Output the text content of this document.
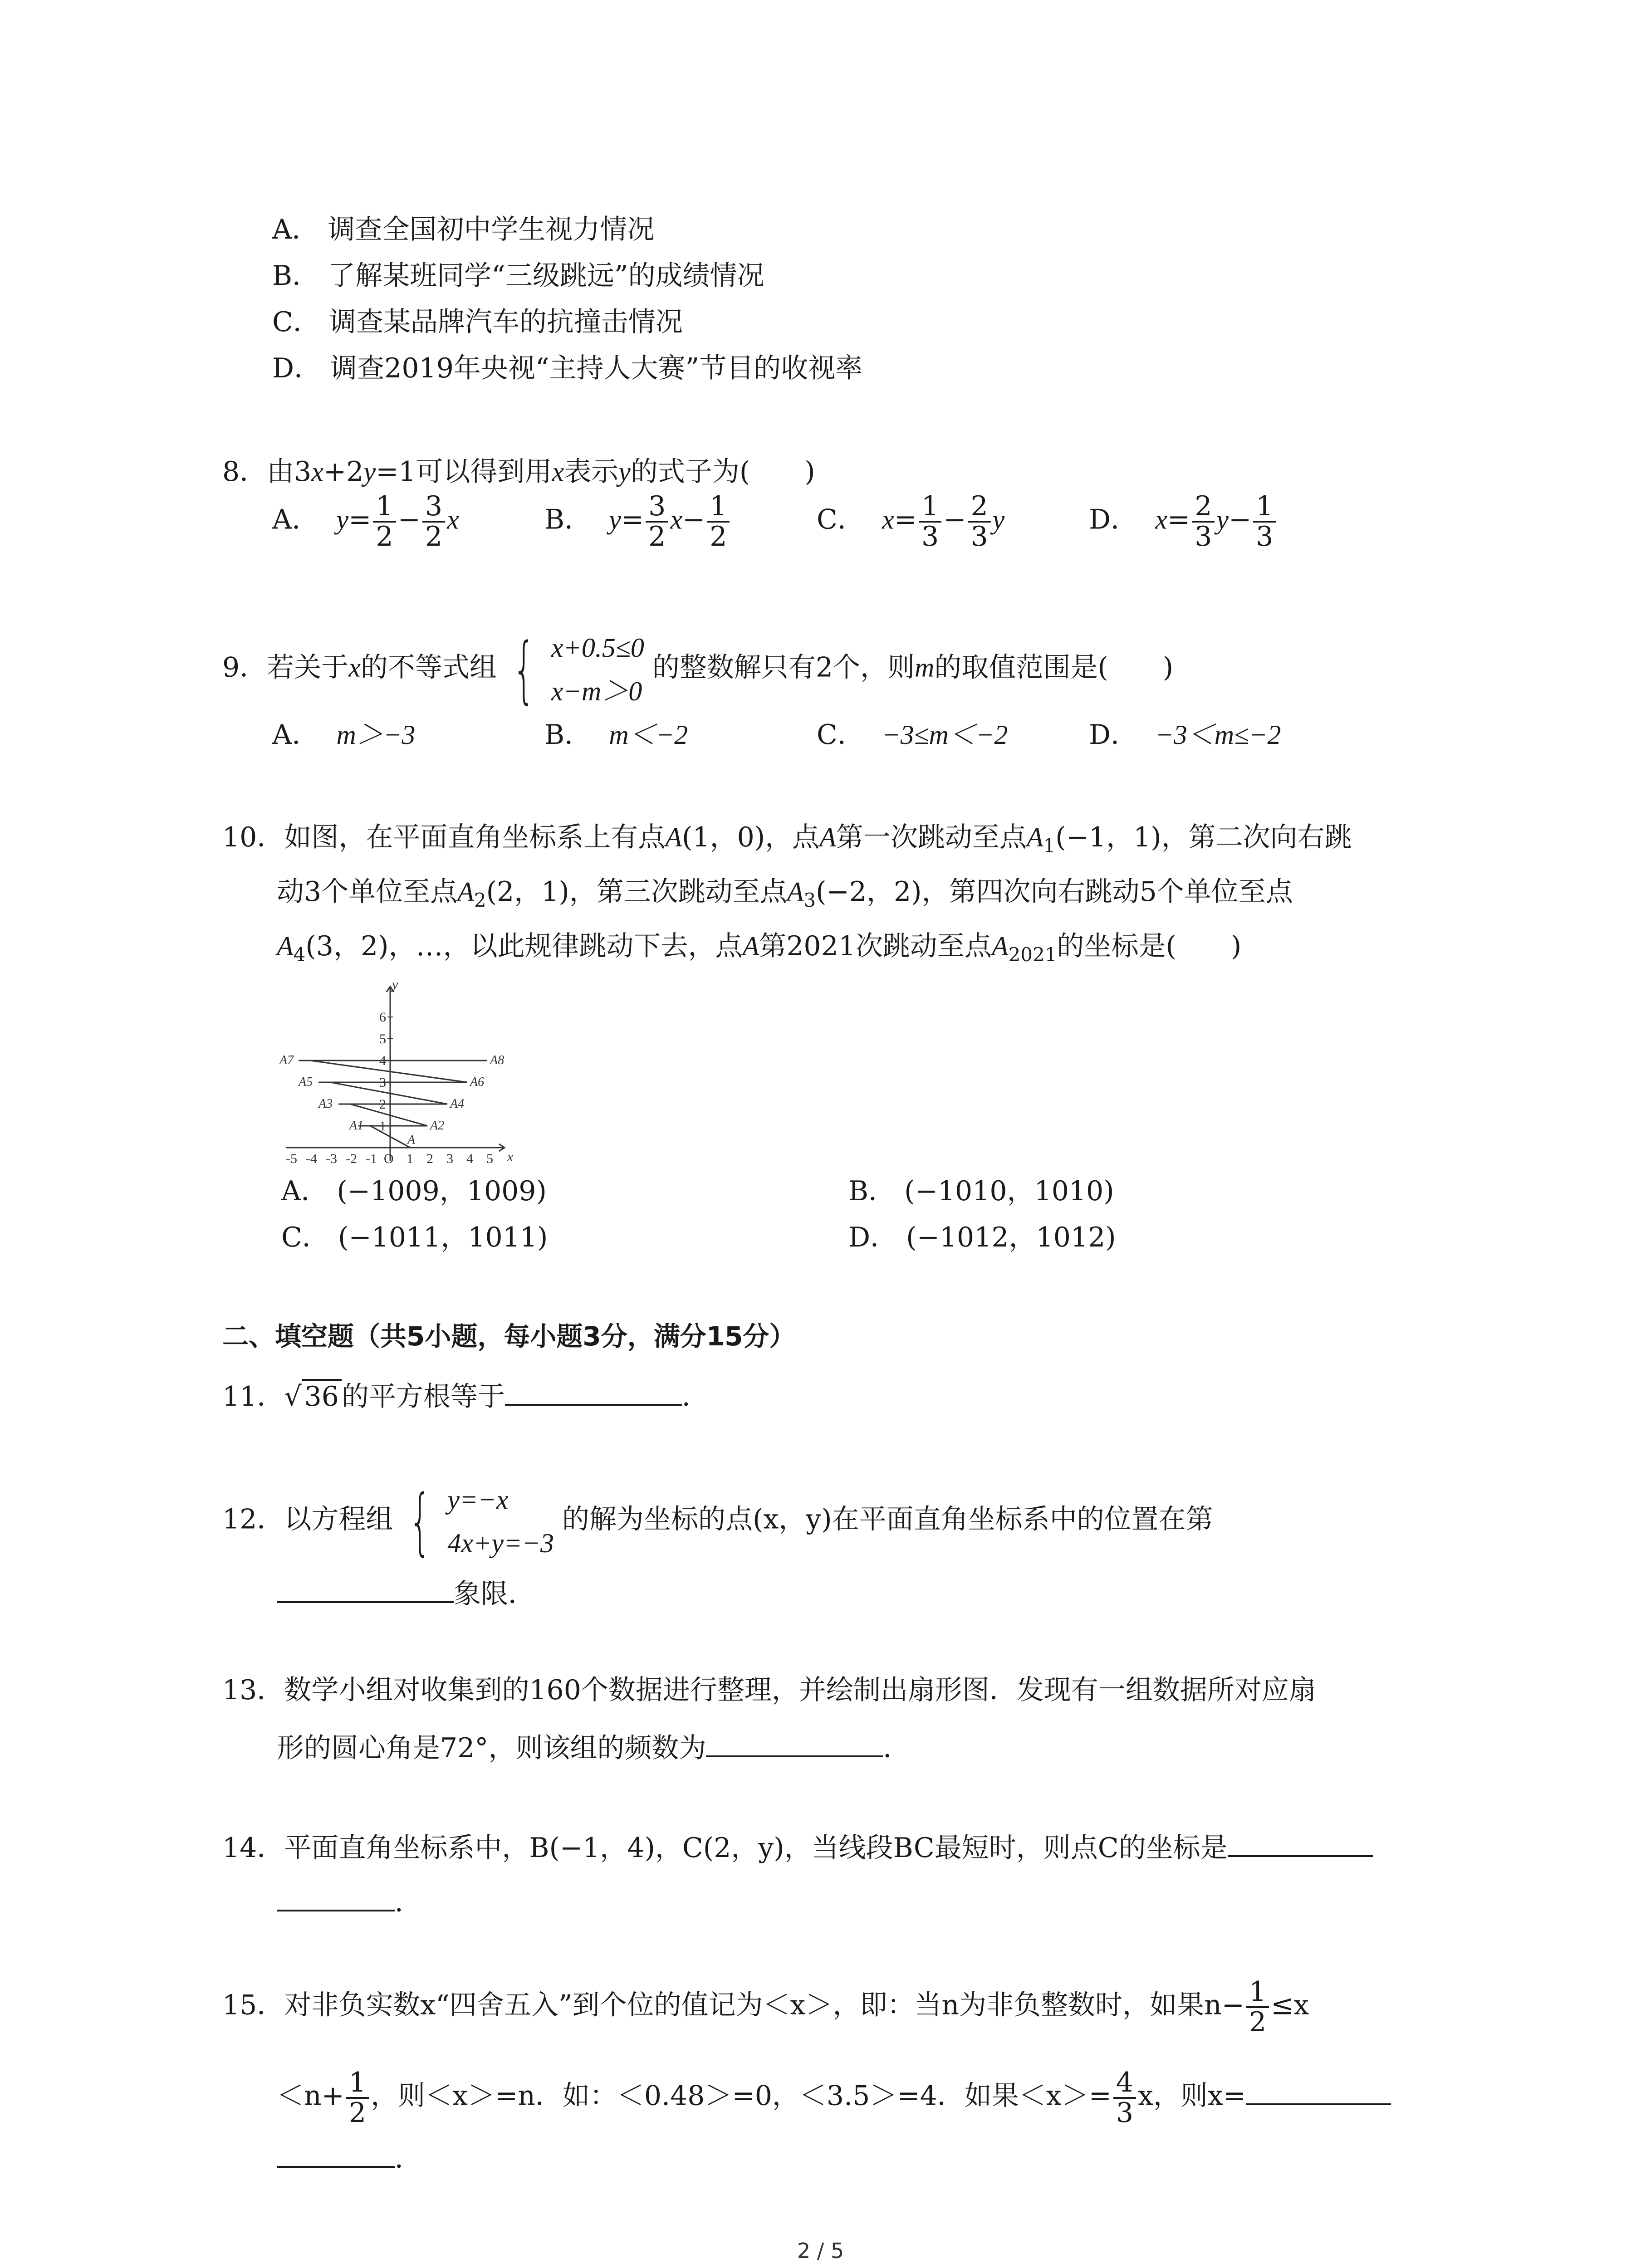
A． 调查全国初中学生视力情况
B． 了解某班同学“三级跳远”的成绩情况
C． 调查某品牌汽车的抗撞击情况
D． 调查2019年央视“主持人大赛”节目的收视率
8．由3x+2y=1可以得到用x表示y的式子为(　　)
A． $y= \frac{1}{2} - \frac{3}{2}$ x	B． $y= \frac{3}{2} x- \frac{1}{2}$	C． $x= \frac{1}{3} - \frac{2}{3}$ y	D． $x= \frac{2}{3} y- \frac{1}{3}$
9．若关于x的不等式组 { x+0.5≤0
x−m＞0
的整数解只有2个，则m的取值范围是(　　)
A． m＞−3	B． m＜−2	C． −3≤m＜−2	D． −3＜m≤−2
10．如图，在平面直角坐标系上有点A(1，0)，点A第一次跳动至点$A_1(-1$，1)，第二次向右跳
动3个单位至点$A_2(2$，1)，第三次跳动至点$A_3(-2$，2)，第四次向右跳动5个单位至点
$A_4(3$，2)，…，以此规律跳动下去，点A第2021次跳动至点$A_{2021}$的坐标是(　　)
y
x
6
5
4
3
2
1
-5 -4 -3 -2 -1 O 1 2 3 4 5
A
A1	A2
A3	A4
A5	A6
A7	A8
A． (−1009，1009)	B． (−1010，1010)
C． (−1011，1011)	D． (−1012，1012)
二、填空题（共5小题，每小题3分，满分15分）
11．√ 36 的平方根等于	．
12．以方程组 { y=−x
4x+y=−3
的解为坐标的点(x，y)在平面直角坐标系中的位置在第
象限．
13．数学小组对收集到的160个数据进行整理，并绘制出扇形图．发现有一组数据所对应扇
形的圆心角是72°，则该组的频数为	．
14．平面直角坐标系中，B(−1，4)，C(2，y)，当线段BC最短时，则点C的坐标是
．
15．对非负实数x“四舍五入”到个位的值记为＜x＞，即：当n为非负整数时，如果$n- \frac{1}{2} \le x$
$<n+ \frac{1}{2}$ ，则＜x＞=n．如：＜0.48＞=0，＜3.5＞=4．如果$<x>= \frac{4}{3}$ x，则x=
．
2 / 5
